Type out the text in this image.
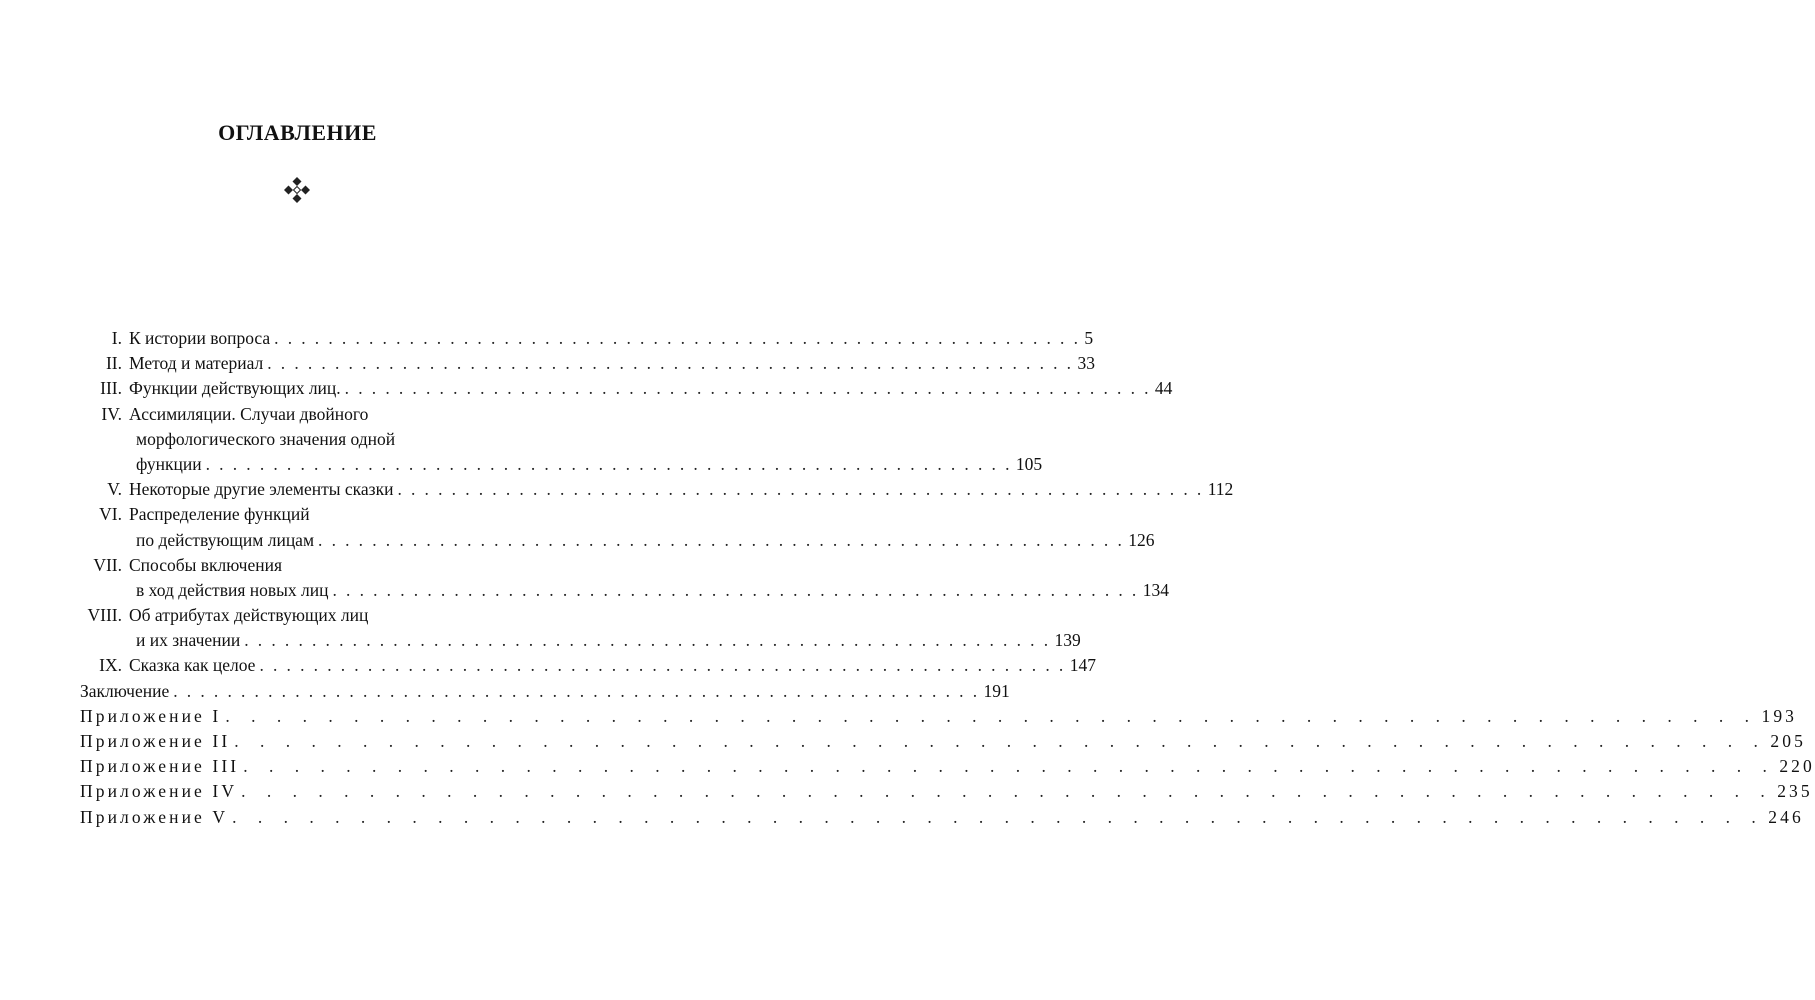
ОГЛАВЛЕНИЕ
I. К истории вопроса . . . . . . . . . . . . . . . . . . . . . . . . . . . . . . . . . . . . . . . . . . . . . . . . . . . . . . . . . . . . 5
II. Метод и материал . . . . . . . . . . . . . . . . . . . . . . . . . . . . . . . . . . . . . . . . . . . . . . . . . . . . . . . . . . . . 33
III. Функции действующих лиц. . . . . . . . . . . . . . . . . . . . . . . . . . . . . . . . . . . . . . . . . . . . . . . . . . . . . . . . . . . . . 44
IV. Ассимиляции. Случаи двойного
морфологического значения одной
функции . . . . . . . . . . . . . . . . . . . . . . . . . . . . . . . . . . . . . . . . . . . . . . . . . . . . . . . . . . . . 105
V. Некоторые другие элементы сказки . . . . . . . . . . . . . . . . . . . . . . . . . . . . . . . . . . . . . . . . . . . . . . . . . . . . . . . . . . . . 112
VI. Распределение функций
по действующим лицам . . . . . . . . . . . . . . . . . . . . . . . . . . . . . . . . . . . . . . . . . . . . . . . . . . . . . . . . . . . . 126
VII. Способы включения
в ход действия новых лиц . . . . . . . . . . . . . . . . . . . . . . . . . . . . . . . . . . . . . . . . . . . . . . . . . . . . . . . . . . . . 134
VIII. Об атрибутах действующих лиц
и их значении . . . . . . . . . . . . . . . . . . . . . . . . . . . . . . . . . . . . . . . . . . . . . . . . . . . . . . . . . . . . 139
IX. Сказка как целое . . . . . . . . . . . . . . . . . . . . . . . . . . . . . . . . . . . . . . . . . . . . . . . . . . . . . . . . . . . . 147
Заключение . . . . . . . . . . . . . . . . . . . . . . . . . . . . . . . . . . . . . . . . . . . . . . . . . . . . . . . . . . . . 191
Приложение I . . . . . . . . . . . . . . . . . . . . . . . . . . . . . . . . . . . . . . . . . . . . . . . . . . . . . . . . . . . . 193
Приложение II . . . . . . . . . . . . . . . . . . . . . . . . . . . . . . . . . . . . . . . . . . . . . . . . . . . . . . . . . . . . 205
Приложение III . . . . . . . . . . . . . . . . . . . . . . . . . . . . . . . . . . . . . . . . . . . . . . . . . . . . . . . . . . . . 220
Приложение IV . . . . . . . . . . . . . . . . . . . . . . . . . . . . . . . . . . . . . . . . . . . . . . . . . . . . . . . . . . . . 235
Приложение V . . . . . . . . . . . . . . . . . . . . . . . . . . . . . . . . . . . . . . . . . . . . . . . . . . . . . . . . . . . . 246
